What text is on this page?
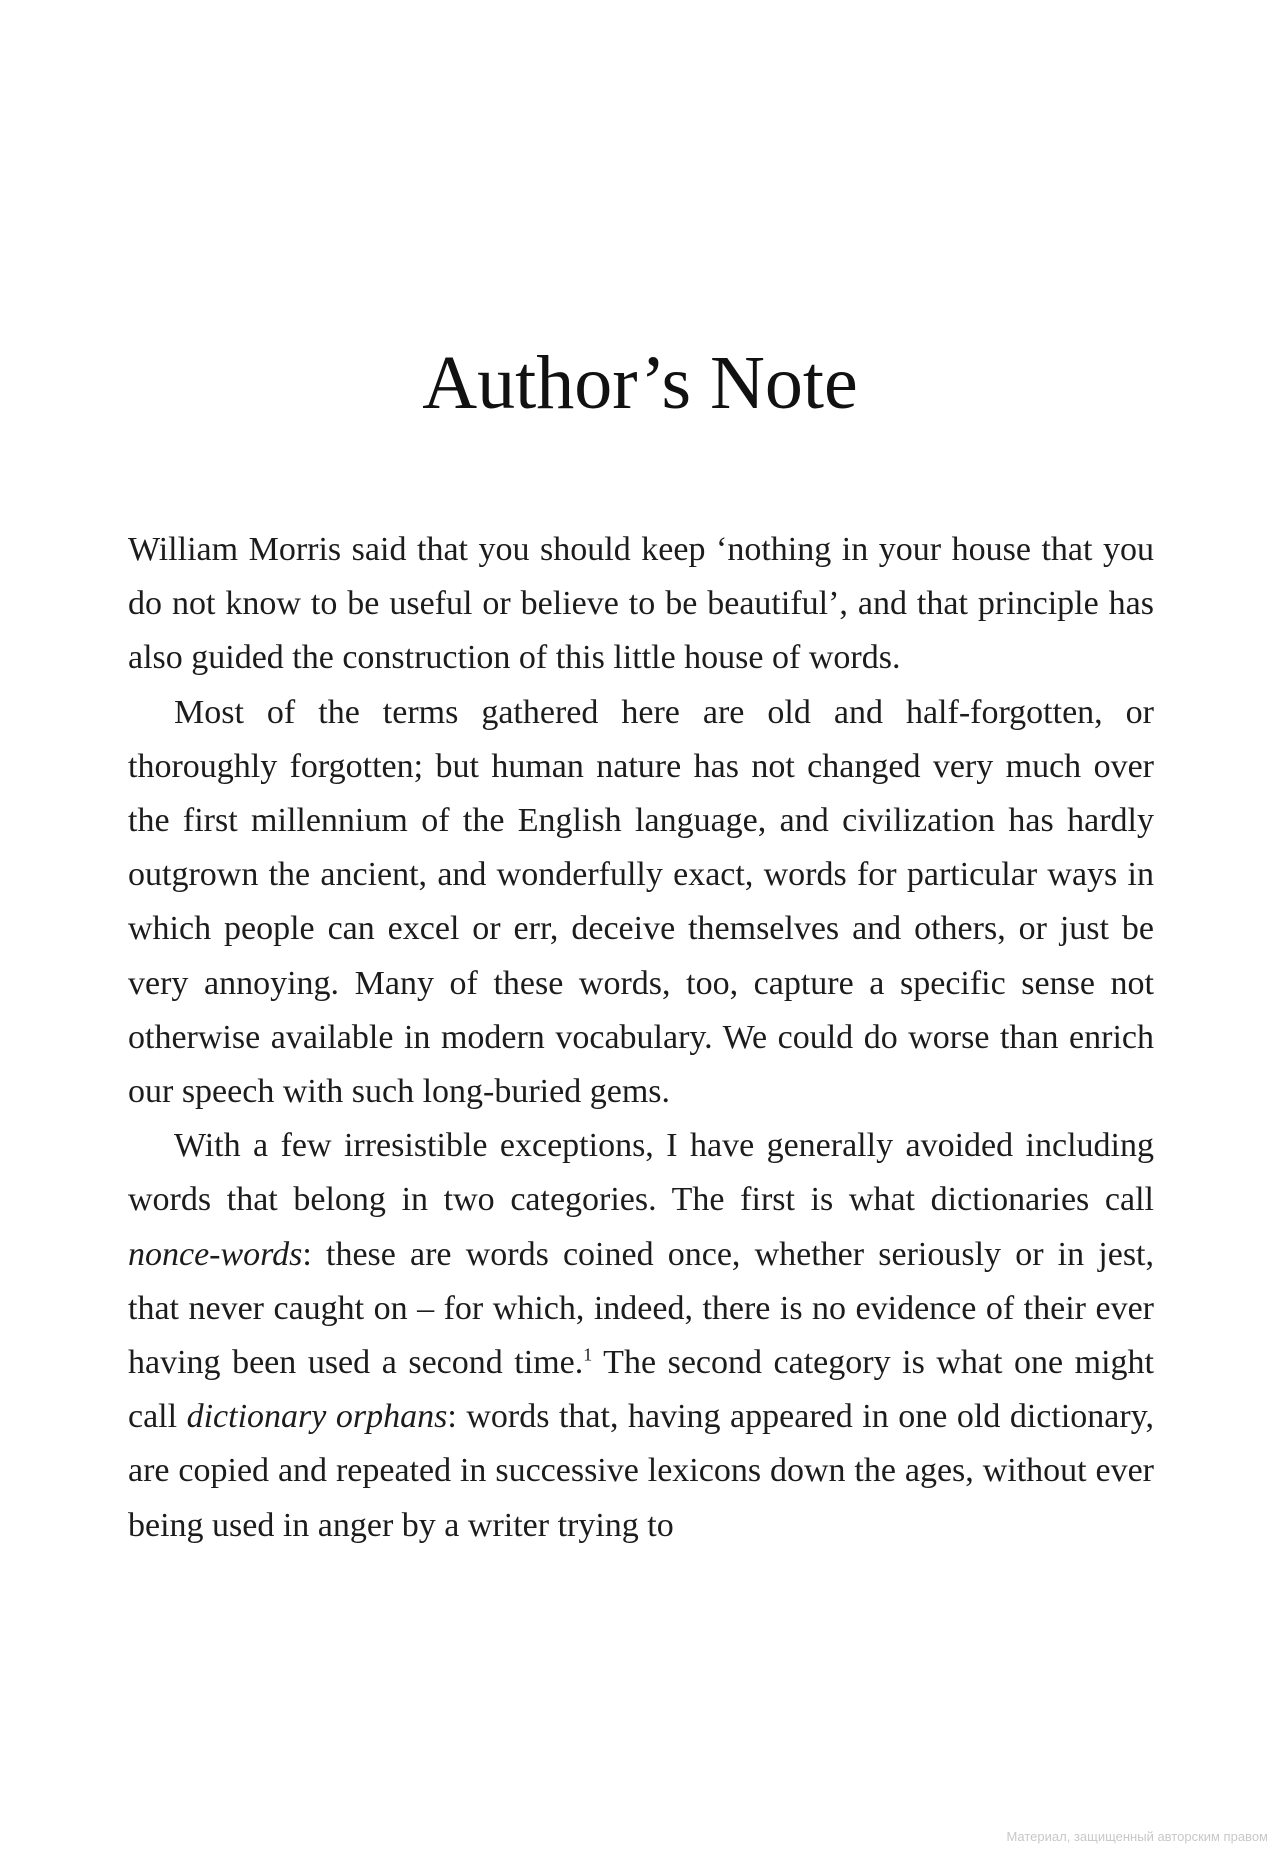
Author’s Note

William Morris said that you should keep ‘nothing in your house that you do not know to be useful or believe to be beautiful’, and that principle has also guided the construction of this little house of words.

Most of the terms gathered here are old and half-forgotten, or thoroughly forgotten; but human nature has not changed very much over the first millennium of the English language, and civilization has hardly outgrown the ancient, and wonderfully exact, words for particular ways in which people can excel or err, deceive themselves and others, or just be very annoying. Many of these words, too, capture a specific sense not otherwise available in modern vocabulary. We could do worse than enrich our speech with such long-buried gems.

With a few irresistible exceptions, I have generally avoided including words that belong in two categories. The first is what dictionaries call nonce-words: these are words coined once, whether seriously or in jest, that never caught on – for which, indeed, there is no evidence of their ever having been used a second time.$^1$ The second category is what one might call dictionary orphans: words that, having appeared in one old dictionary, are copied and repeated in successive lexicons down the ages, without ever being used in anger by a writer trying to

Материал, защищенный авторским правом
